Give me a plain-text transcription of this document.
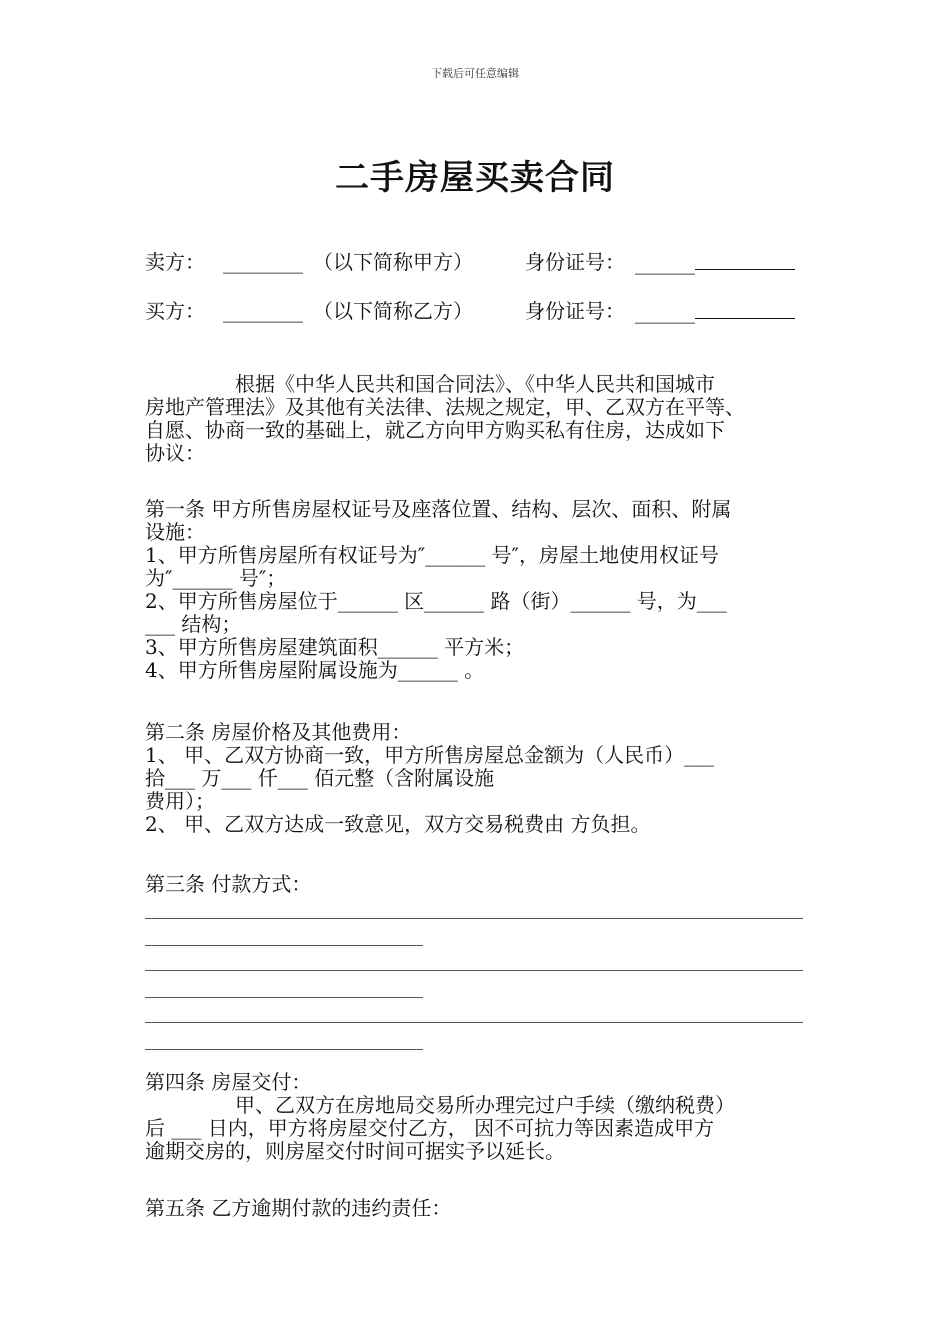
下载后可任意编辑
二手房屋买卖合同
卖方： ________ （以下简称甲方）	身份证号： ______
买方： ________ （以下简称乙方）	身份证号： ______
根据《中华人民共和国合同法》、《中华人民共和国城市
房地产管理法》及其他有关法律、法规之规定，甲、乙双方在平等、
自愿、协商一致的基础上，就乙方向甲方购买私有住房，达成如下
协议：
第一条 甲方所售房屋权证号及座落位置、结构、层次、面积、附属
设施：
1、甲方所售房屋所有权证号为″______ 号″，房屋土地使用权证号
为″______ 号″；
2、甲方所售房屋位于______ 区______ 路（街）______ 号，为___
___ 结构；
3、甲方所售房屋建筑面积______ 平方米；
4、甲方所售房屋附属设施为______ 。
第二条 房屋价格及其他费用：
1、 甲、乙双方协商一致，甲方所售房屋总金额为（人民币）___
拾___ 万___ 仟___ 佰元整（含附属设施
费用）；
2、 甲、乙双方达成一致意见，双方交易税费由 方负担。
第三条 付款方式：
第四条 房屋交付：
甲、乙双方在房地局交易所办理完过户手续（缴纳税费）
后 ___ 日内，甲方将房屋交付乙方， 因不可抗力等因素造成甲方
逾期交房的，则房屋交付时间可据实予以延长。
第五条 乙方逾期付款的违约责任：
